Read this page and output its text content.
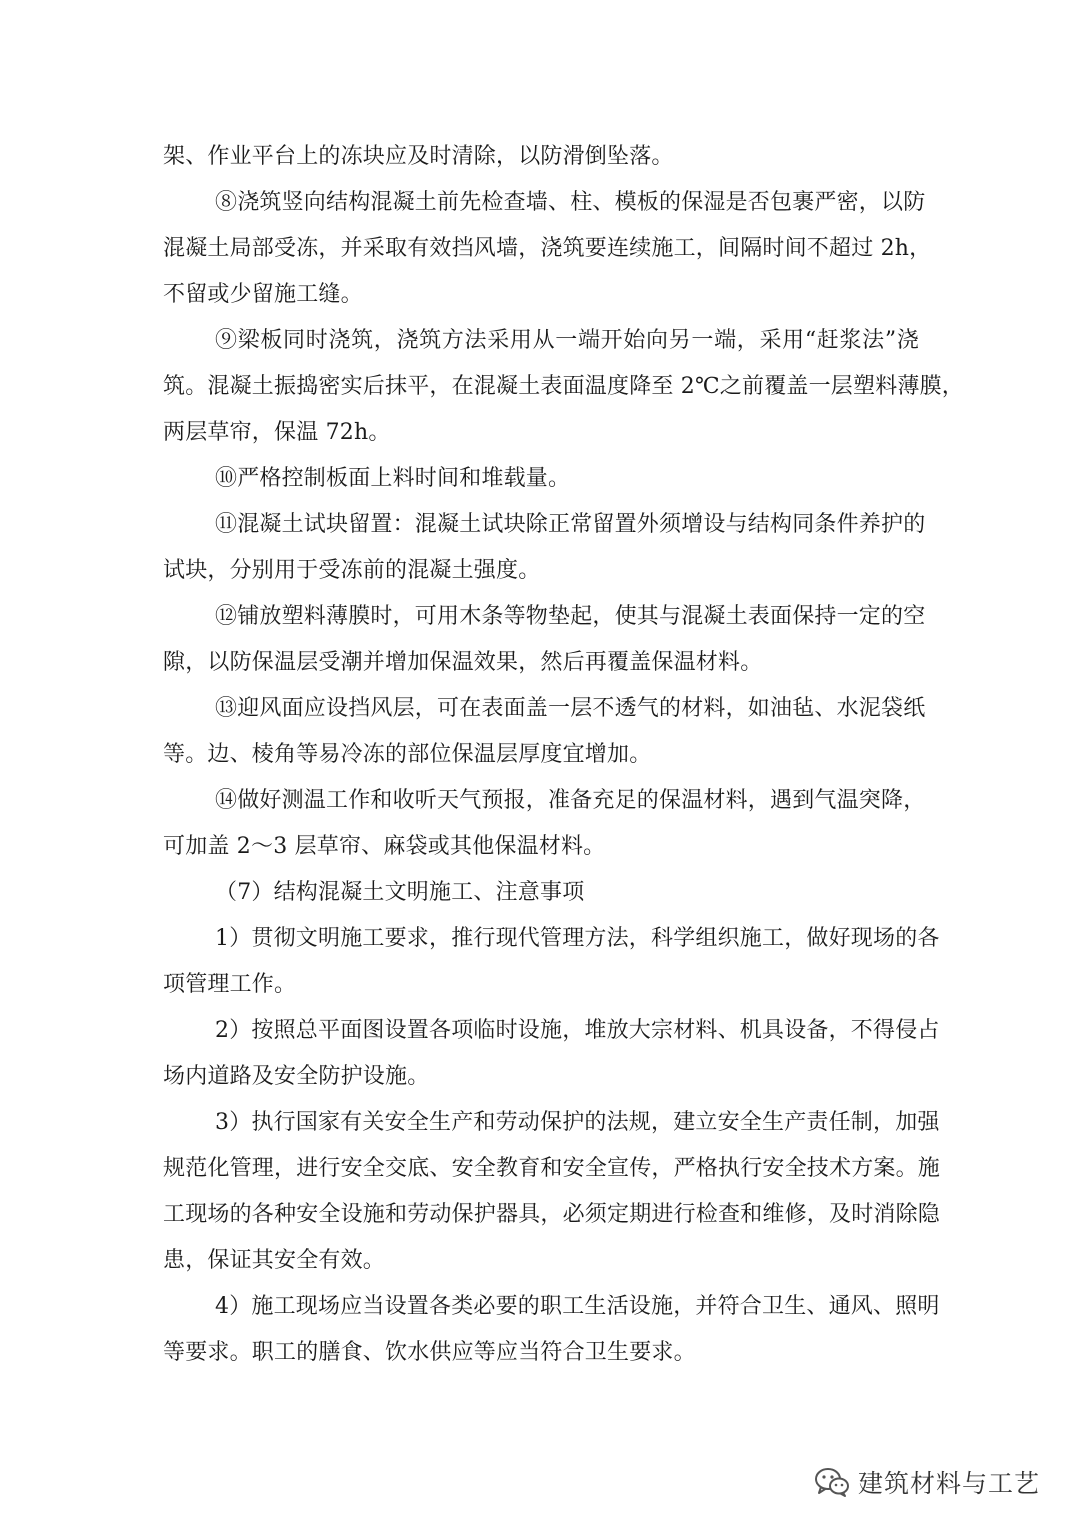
架、作业平台上的冻块应及时清除，以防滑倒坠落。
⑧浇筑竖向结构混凝土前先检查墙、柱、模板的保湿是否包裹严密，以防
混凝土局部受冻，并采取有效挡风墙，浇筑要连续施工，间隔时间不超过 2h，
不留或少留施工缝。
⑨梁板同时浇筑，浇筑方法采用从一端开始向另一端，采用“赶浆法”浇
筑。混凝土振捣密实后抹平，在混凝土表面温度降至 2℃之前覆盖一层塑料薄膜，
两层草帘，保温 72h。
⑩严格控制板面上料时间和堆载量。
⑪混凝土试块留置：混凝土试块除正常留置外须增设与结构同条件养护的
试块，分别用于受冻前的混凝土强度。
⑫铺放塑料薄膜时，可用木条等物垫起，使其与混凝土表面保持一定的空
隙，以防保温层受潮并增加保温效果，然后再覆盖保温材料。
⑬迎风面应设挡风层，可在表面盖一层不透气的材料，如油毡、水泥袋纸
等。边、棱角等易冷冻的部位保温层厚度宜增加。
⑭做好测温工作和收听天气预报，准备充足的保温材料，遇到气温突降，
可加盖 2～3 层草帘、麻袋或其他保温材料。
（7）结构混凝土文明施工、注意事项
1）贯彻文明施工要求，推行现代管理方法，科学组织施工，做好现场的各
项管理工作。
2）按照总平面图设置各项临时设施，堆放大宗材料、机具设备，不得侵占
场内道路及安全防护设施。
3）执行国家有关安全生产和劳动保护的法规，建立安全生产责任制，加强
规范化管理，进行安全交底、安全教育和安全宣传，严格执行安全技术方案。施
工现场的各种安全设施和劳动保护器具，必须定期进行检查和维修，及时消除隐
患，保证其安全有效。
4）施工现场应当设置各类必要的职工生活设施，并符合卫生、通风、照明
等要求。职工的膳食、饮水供应等应当符合卫生要求。
建筑材料与工艺
